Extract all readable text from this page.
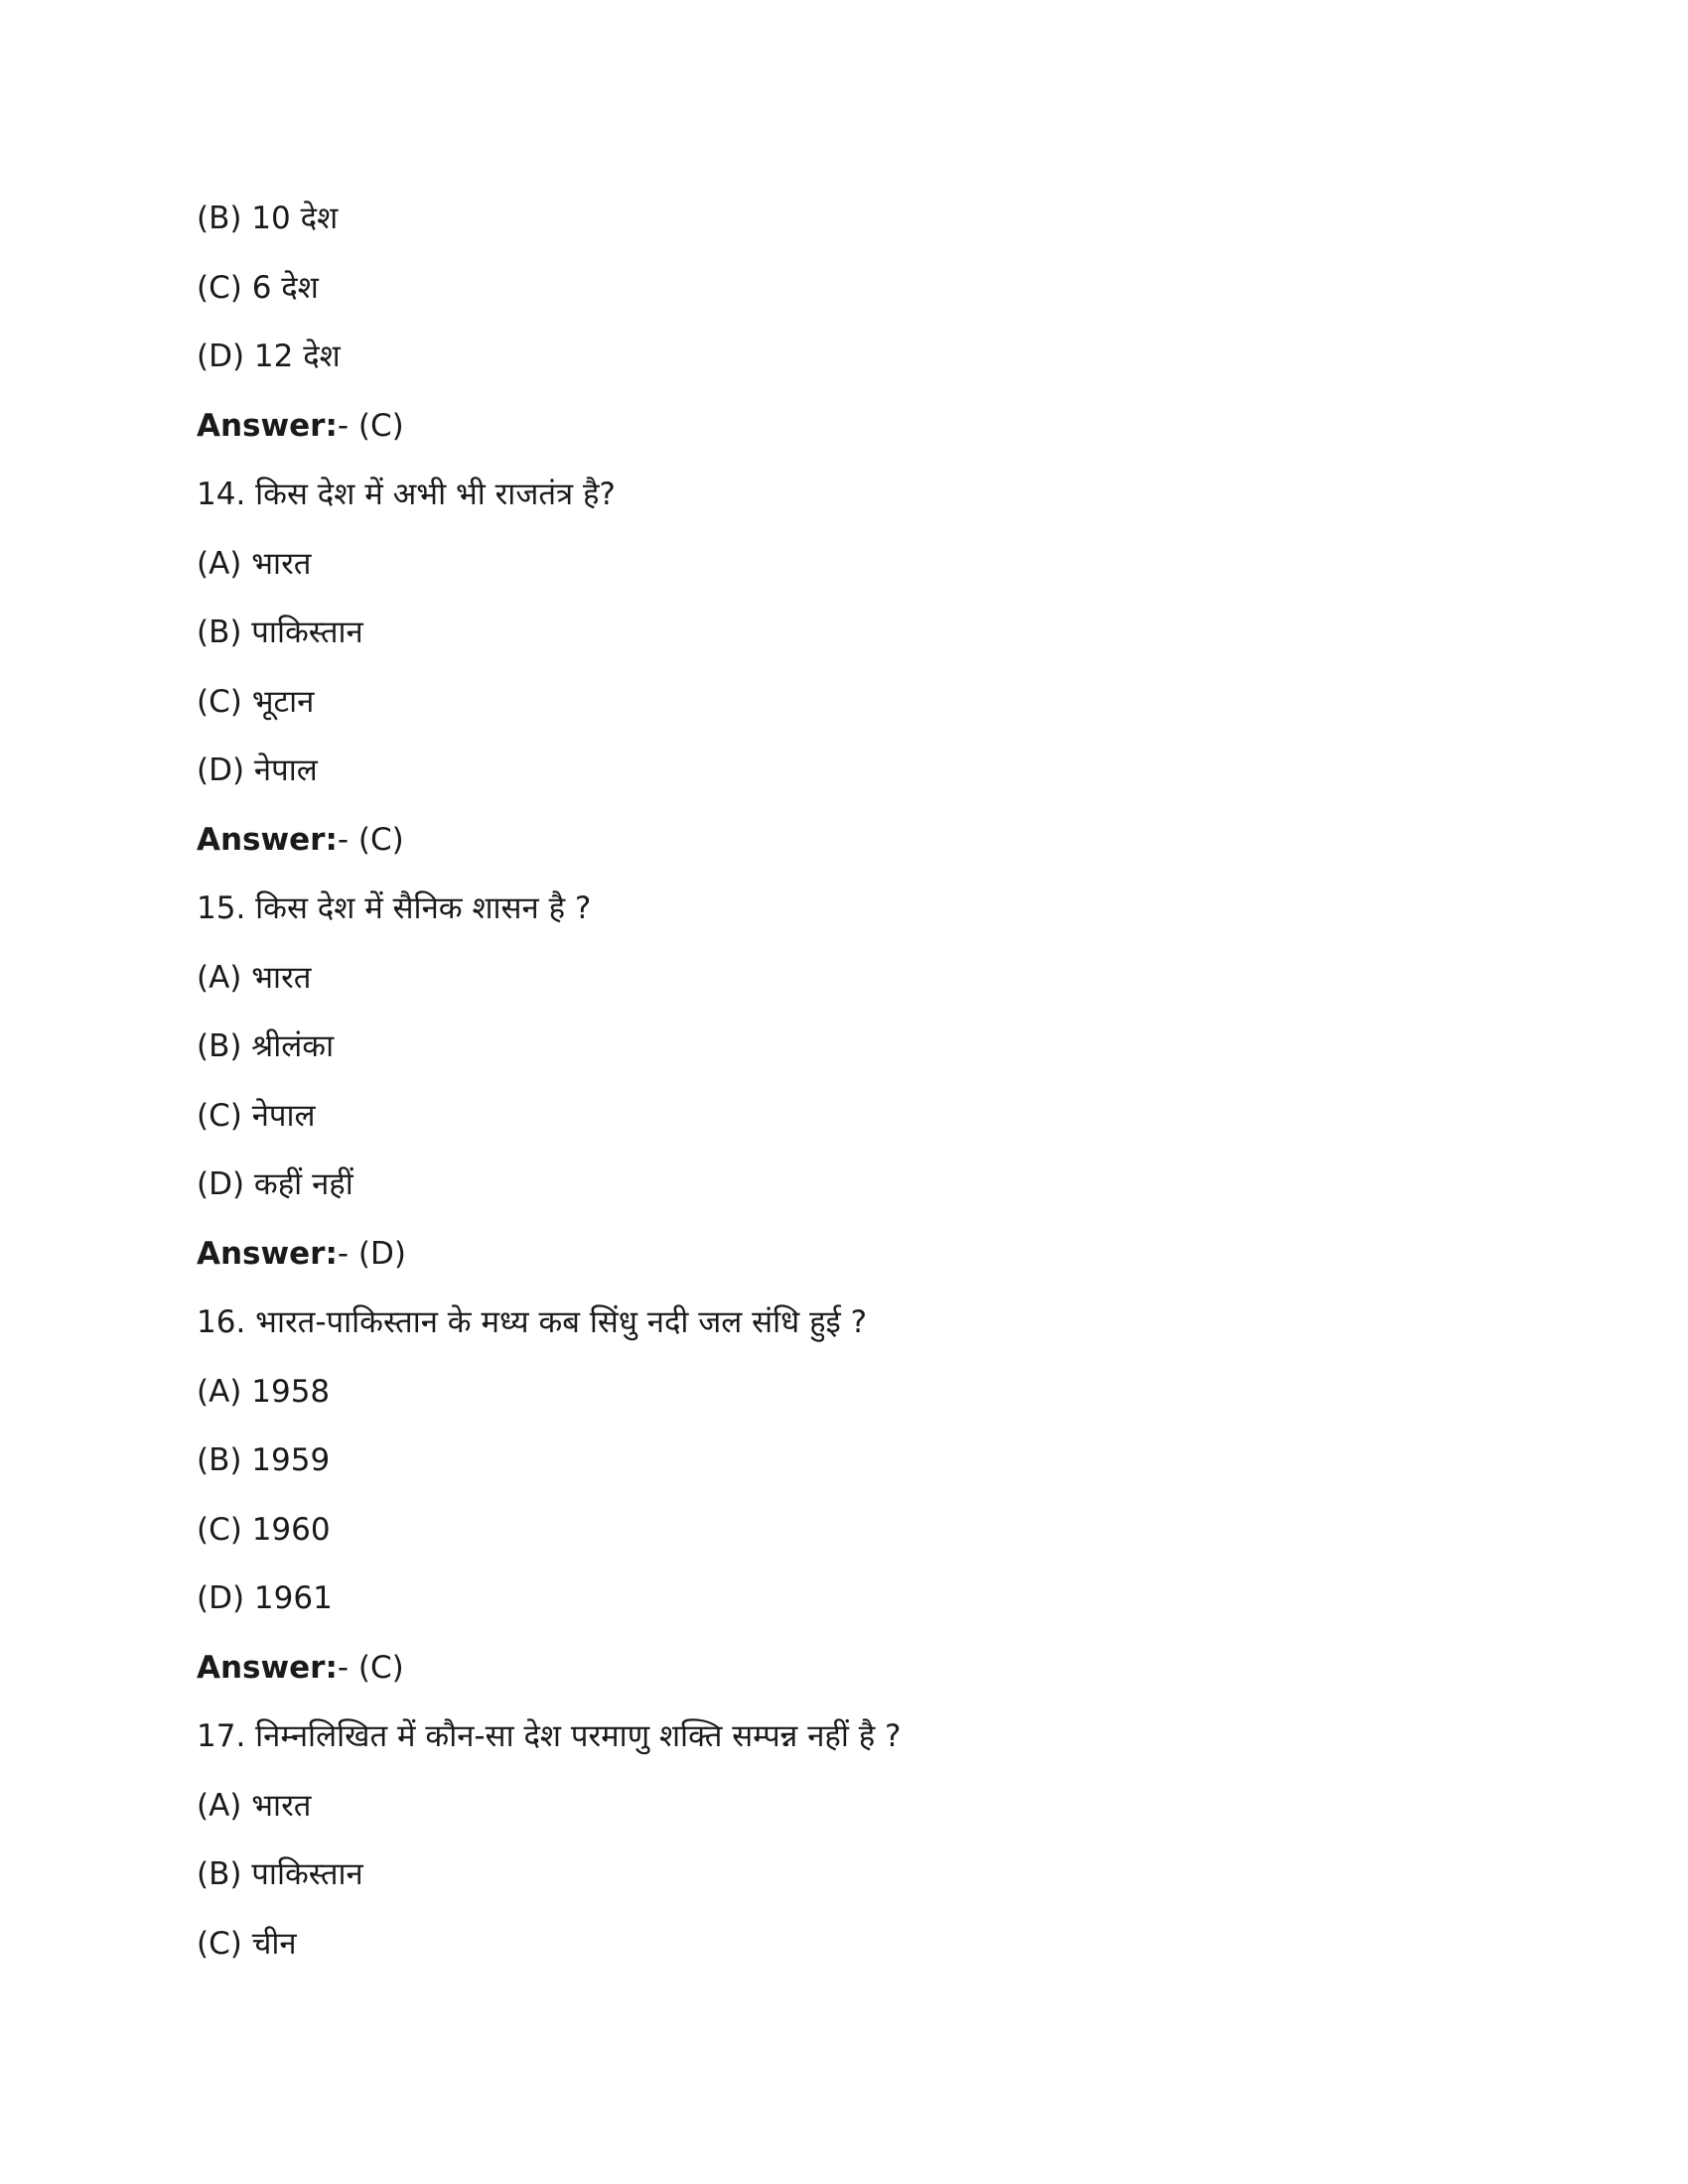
(B) 10 देश
(C) 6 देश
(D) 12 देश
Answer:- (C)
14. किस देश में अभी भी राजतंत्र है?
(A) भारत
(B) पाकिस्तान
(C) भूटान
(D) नेपाल
Answer:- (C)
15. किस देश में सैनिक शासन है ?
(A) भारत
(B) श्रीलंका
(C) नेपाल
(D) कहीं नहीं
Answer:- (D)
16. भारत-पाकिस्तान के मध्य कब सिंधु नदी जल संधि हुई ?
(A) 1958
(B) 1959
(C) 1960
(D) 1961
Answer:- (C)
17. निम्नलिखित में कौन-सा देश परमाणु शक्ति सम्पन्न नहीं है ?
(A) भारत
(B) पाकिस्तान
(C) चीन
